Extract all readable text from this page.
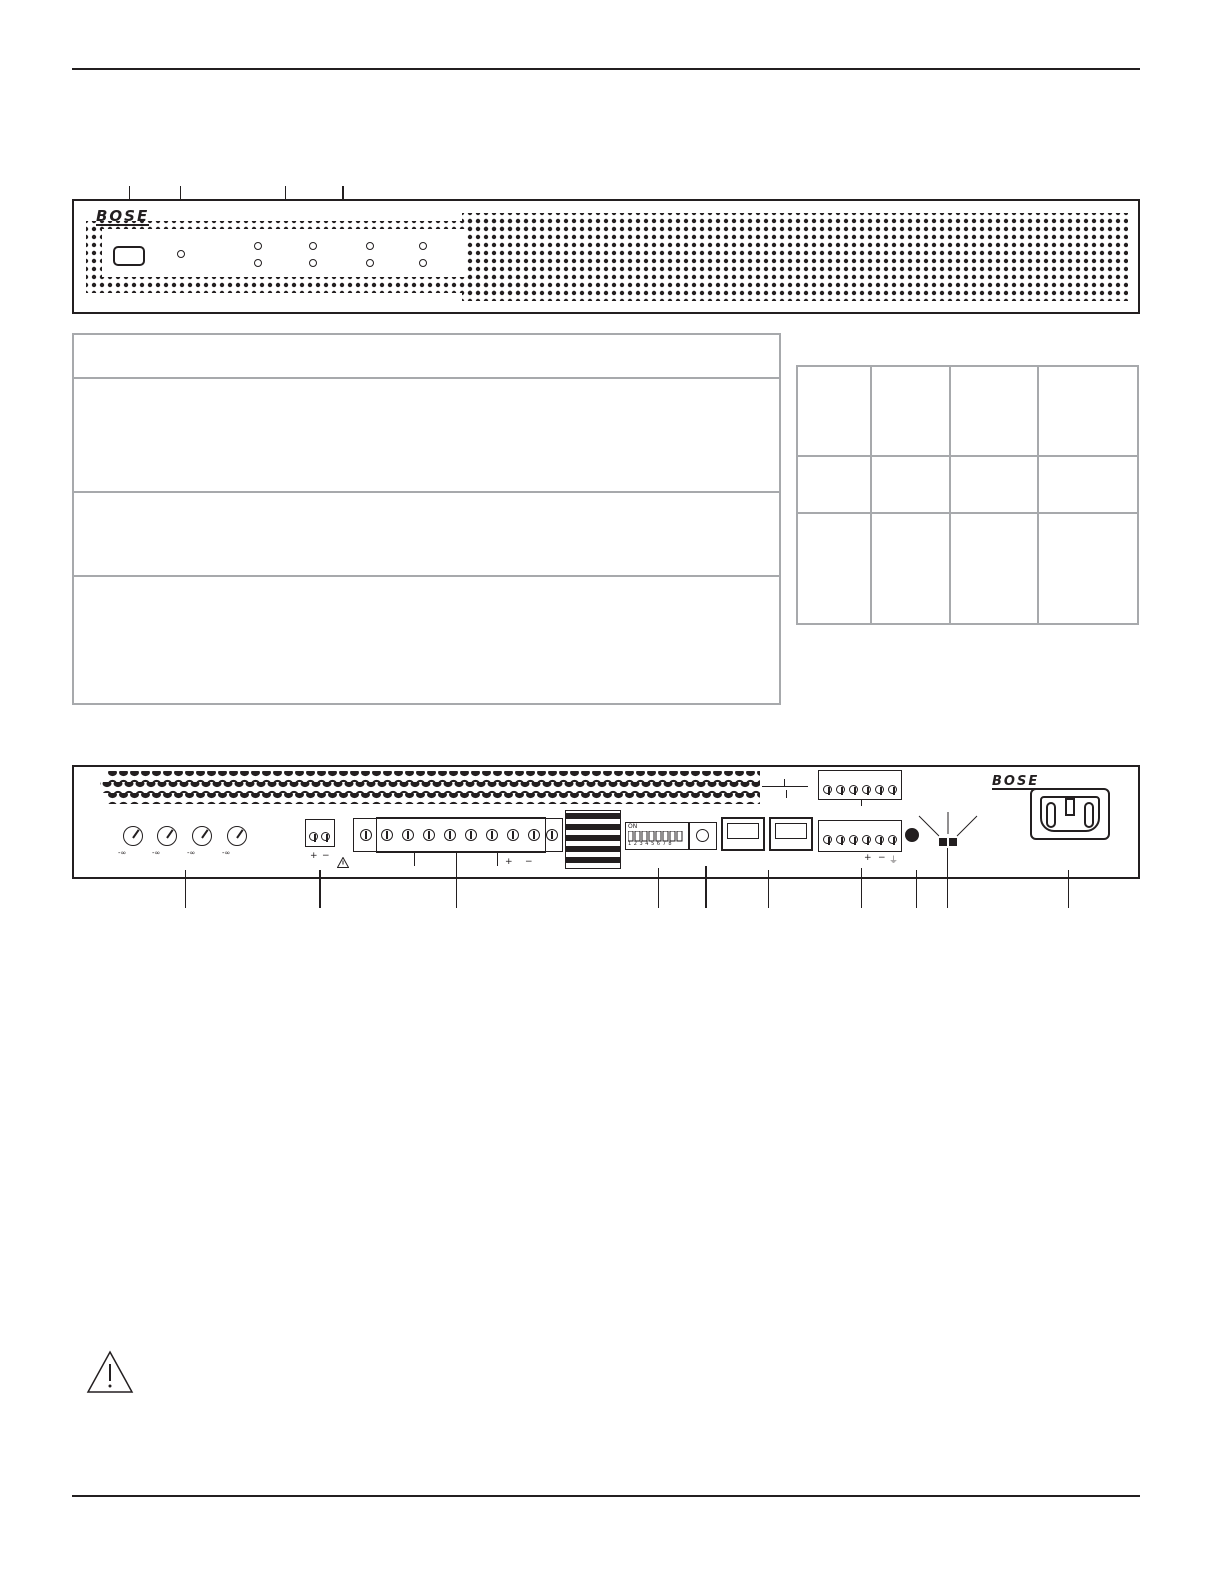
BOSE

BOSE
-∞	-∞	-∞	-∞	+ −
+ −
ON
1 2 3 4 5 6 7 8
+ − ⏚
